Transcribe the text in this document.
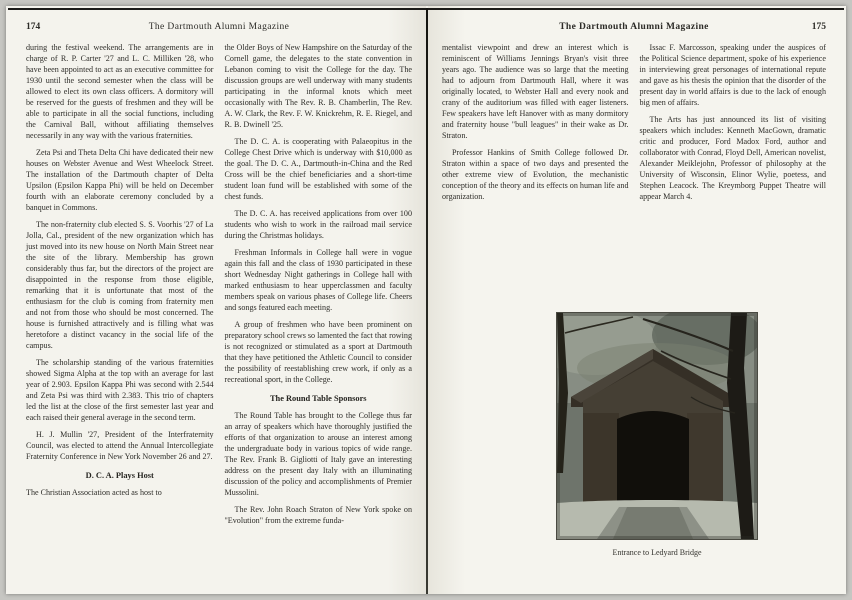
174	The Dartmouth Alumni Magazine

during the festival weekend. The arrangements are in charge of R. P. Carter '27 and L. C. Milliken '28, who have been appointed to act as an executive committee for 1930 until the second semester when the class will be allowed to elect its own class officers. A dormitory will be reserved for the guests of freshmen and they will be able to participate in all the social functions, including the Carnival Ball, without affiliating themselves necessarily in any way with the various fraternities.

Zeta Psi and Theta Delta Chi have dedicated their new houses on Webster Avenue and West Wheelock Street. The installation of the Dartmouth chapter of Delta Upsilon (Epsilon Kappa Phi) will be held on December fourth with an elaborate ceremony concluded by a banquet in Commons.

The non-fraternity club elected S. S. Voorhis '27 of La Jolla, Cal., president of the new organization which has just moved into its new house on North Main Street near the site of the library. Membership has grown considerably thus far, but the directors of the project are disappointed in the response from those eligible, remarking that it is unfortunate that most of the enthusiasm for the club is coming from fraternity men and not from those who should be most concerned. The house is furnished attractively and is filling what was heretofore a distinct vacancy in the social life of the campus.

The scholarship standing of the various fraternities showed Sigma Alpha at the top with an average for last year of 2.903. Epsilon Kappa Phi was second with 2.544 and Zeta Psi was third with 2.383. This trio of chapters led the list at the close of the first semester last year and each raised their general average in the second term.

H. J. Mullin '27, President of the Interfraternity Council, was elected to attend the Annual Intercollegiate Fraternity Conference in New York November 26 and 27.

D. C. A. Plays Host

The Christian Association acted as host to

the Older Boys of New Hampshire on the Saturday of the Cornell game, the delegates to the state convention in Lebanon coming to visit the College for the day. The discussion groups are well underway with many students participating in the informal knots which meet occasionally with The Rev. R. B. Chamberlin, The Rev. A. W. Clark, the Rev. F. W. Knickrehm, R. E. Riegel, and R. B. Dwinell '25.

The D. C. A. is cooperating with Palaeopitus in the College Chest Drive which is underway with $10,000 as the goal. The D. C. A., Dartmouth-in-China and the Red Cross will be the chief beneficiaries and a short-time student loan fund will be established with some of the chest funds.

The D. C. A. has received applications from over 100 students who wish to work in the railroad mail service during the Christmas holidays.

Freshman Informals in College hall were in vogue again this fall and the class of 1930 participated in these short Wednesday Night gatherings in College hall with marked enthusiasm to hear upperclassmen and faculty members speak on various phases of College life. Cheers and songs featured each meeting.

A group of freshmen who have been prominent on preparatory school crews so lamented the fact that rowing is not recognized or stimulated as a sport at Dartmouth that they have petitioned the Athletic Council to consider the possibility of reestablishing crew work, if only as a recreational sport, in the College.

The Round Table Sponsors

The Round Table has brought to the College thus far an array of speakers which have thoroughly justified the efforts of that organization to arouse an interest among the undergraduate body in various topics of wide range. The Rev. Frank B. Gigliotti of Italy gave an interesting address on the present day Italy with an illuminating discussion of the policy and accomplishments of Premier Mussolini.

The Rev. John Roach Straton of New York spoke on "Evolution" from the extreme funda-

The Dartmouth Alumni Magazine	175

mentalist viewpoint and drew an interest which is reminiscent of Williams Jennings Bryan's visit three years ago. The audience was so large that the meeting had to adjourn from Dartmouth Hall, where it was originally located, to Webster Hall and every nook and crany of the auditorium was filled with eager listeners. Few speakers have left Hanover with as many dormitory and fraternity house "bull leagues" in their wake as Dr. Straton.

Professor Hankins of Smith College followed Dr. Straton within a space of two days and presented the other extreme view of Evolution, the mechanistic conception of the theory and its effects on human life and organization.

Issac F. Marcosson, speaking under the auspices of the Political Science department, spoke of his experience in interviewing great personages of international repute and gave as his thesis the opinion that the disorder of the present day in world affairs is due to the lack of enough big men of affairs.

The Arts has just announced its list of visiting speakers which includes: Kenneth MacGown, dramatic critic and producer, Ford Madox Ford, author and collaborator with Conrad, Floyd Dell, American novelist, Alexander Meiklejohn, Professor of philosophy at the University of Wisconsin, Elinor Wylie, poetess, and Stephen Leacock. The Kreymborg Puppet Theatre will appear March 4.

Entrance to Ledyard Bridge
